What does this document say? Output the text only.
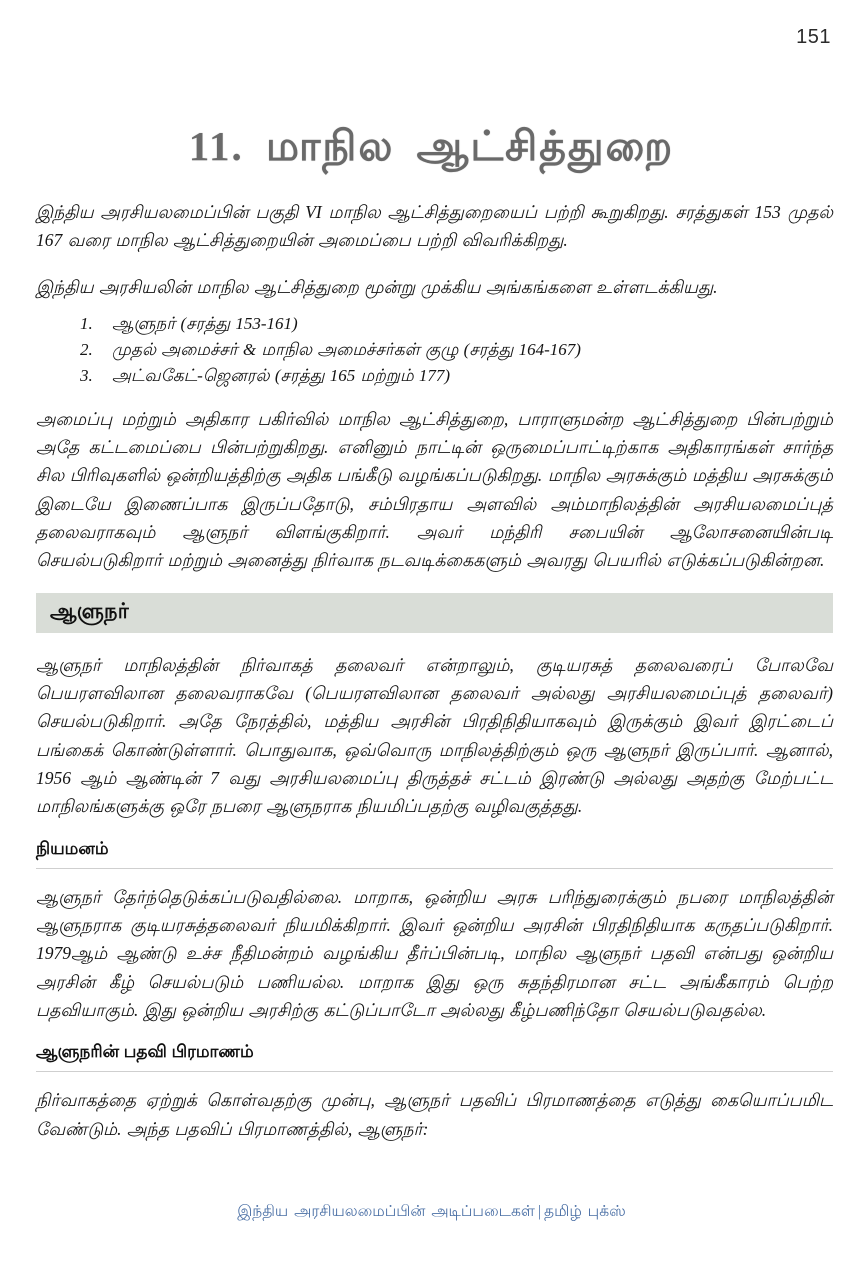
151
11. மாநில ஆட்சித்துறை

இந்திய அரசியலமைப்பின் பகுதி VI மாநில ஆட்சித்துறையைப் பற்றி கூறுகிறது. சரத்துகள் 153 முதல் 167 வரை மாநில ஆட்சித்துறையின் அமைப்பை பற்றி விவரிக்கிறது.

இந்திய அரசியலின் மாநில ஆட்சித்துறை மூன்று முக்கிய அங்கங்களை உள்ளடக்கியது.

1. ஆளுநர் (சரத்து 153-161)
2. முதல் அமைச்சர் & மாநில அமைச்சர்கள் குழு (சரத்து 164-167)
3. அட்வகேட்-ஜெனரல் (சரத்து 165 மற்றும் 177)

அமைப்பு மற்றும் அதிகார பகிர்வில் மாநில ஆட்சித்துறை, பாராளுமன்ற ஆட்சித்துறை பின்பற்றும் அதே கட்டமைப்பை பின்பற்றுகிறது. எனினும் நாட்டின் ஒருமைப்பாட்டிற்காக அதிகாரங்கள் சார்ந்த சில பிரிவுகளில் ஒன்றியத்திற்கு அதிக பங்கீடு வழங்கப்படுகிறது. மாநில அரசுக்கும் மத்திய அரசுக்கும் இடையே இணைப்பாக இருப்பதோடு, சம்பிரதாய அளவில் அம்மாநிலத்தின் அரசியலமைப்புத் தலைவராகவும் ஆளுநர் விளங்குகிறார். அவர் மந்திரி சபையின் ஆலோசனையின்படி செயல்படுகிறார் மற்றும் அனைத்து நிர்வாக நடவடிக்கைகளும் அவரது பெயரில் எடுக்கப்படுகின்றன.

ஆளுநர்

ஆளுநர் மாநிலத்தின் நிர்வாகத் தலைவர் என்றாலும், குடியரசுத் தலைவரைப் போலவே பெயரளவிலான தலைவராகவே (பெயரளவிலான தலைவர் அல்லது அரசியலமைப்புத் தலைவர்) செயல்படுகிறார். அதே நேரத்தில், மத்திய அரசின் பிரதிநிதியாகவும் இருக்கும் இவர் இரட்டைப் பங்கைக் கொண்டுள்ளார். பொதுவாக, ஒவ்வொரு மாநிலத்திற்கும் ஒரு ஆளுநர் இருப்பார். ஆனால், 1956 ஆம் ஆண்டின் 7 வது அரசியலமைப்பு திருத்தச் சட்டம் இரண்டு அல்லது அதற்கு மேற்பட்ட மாநிலங்களுக்கு ஒரே நபரை ஆளுநராக நியமிப்பதற்கு வழிவகுத்தது.

நியமனம்

ஆளுநர் தேர்ந்தெடுக்கப்படுவதில்லை. மாறாக, ஒன்றிய அரசு பரிந்துரைக்கும் நபரை மாநிலத்தின் ஆளுநராக குடியரசுத்தலைவர் நியமிக்கிறார். இவர் ஒன்றிய அரசின் பிரதிநிதியாக கருதப்படுகிறார். 1979ஆம் ஆண்டு உச்ச நீதிமன்றம் வழங்கிய தீர்ப்பின்படி, மாநில ஆளுநர் பதவி என்பது ஒன்றிய அரசின் கீழ் செயல்படும் பணியல்ல. மாறாக இது ஒரு சுதந்திரமான சட்ட அங்கீகாரம் பெற்ற பதவியாகும். இது ஒன்றிய அரசிற்கு கட்டுப்பாடோ அல்லது கீழ்பணிந்தோ செயல்படுவதல்ல.

ஆளுநரின் பதவி பிரமாணம்

நிர்வாகத்தை ஏற்றுக் கொள்வதற்கு முன்பு, ஆளுநர் பதவிப் பிரமாணத்தை எடுத்து கையொப்பமிட வேண்டும். அந்த பதவிப் பிரமாணத்தில், ஆளுநர்:

இந்திய அரசியலமைப்பின் அடிப்படைகள் | தமிழ் புக்ஸ்
